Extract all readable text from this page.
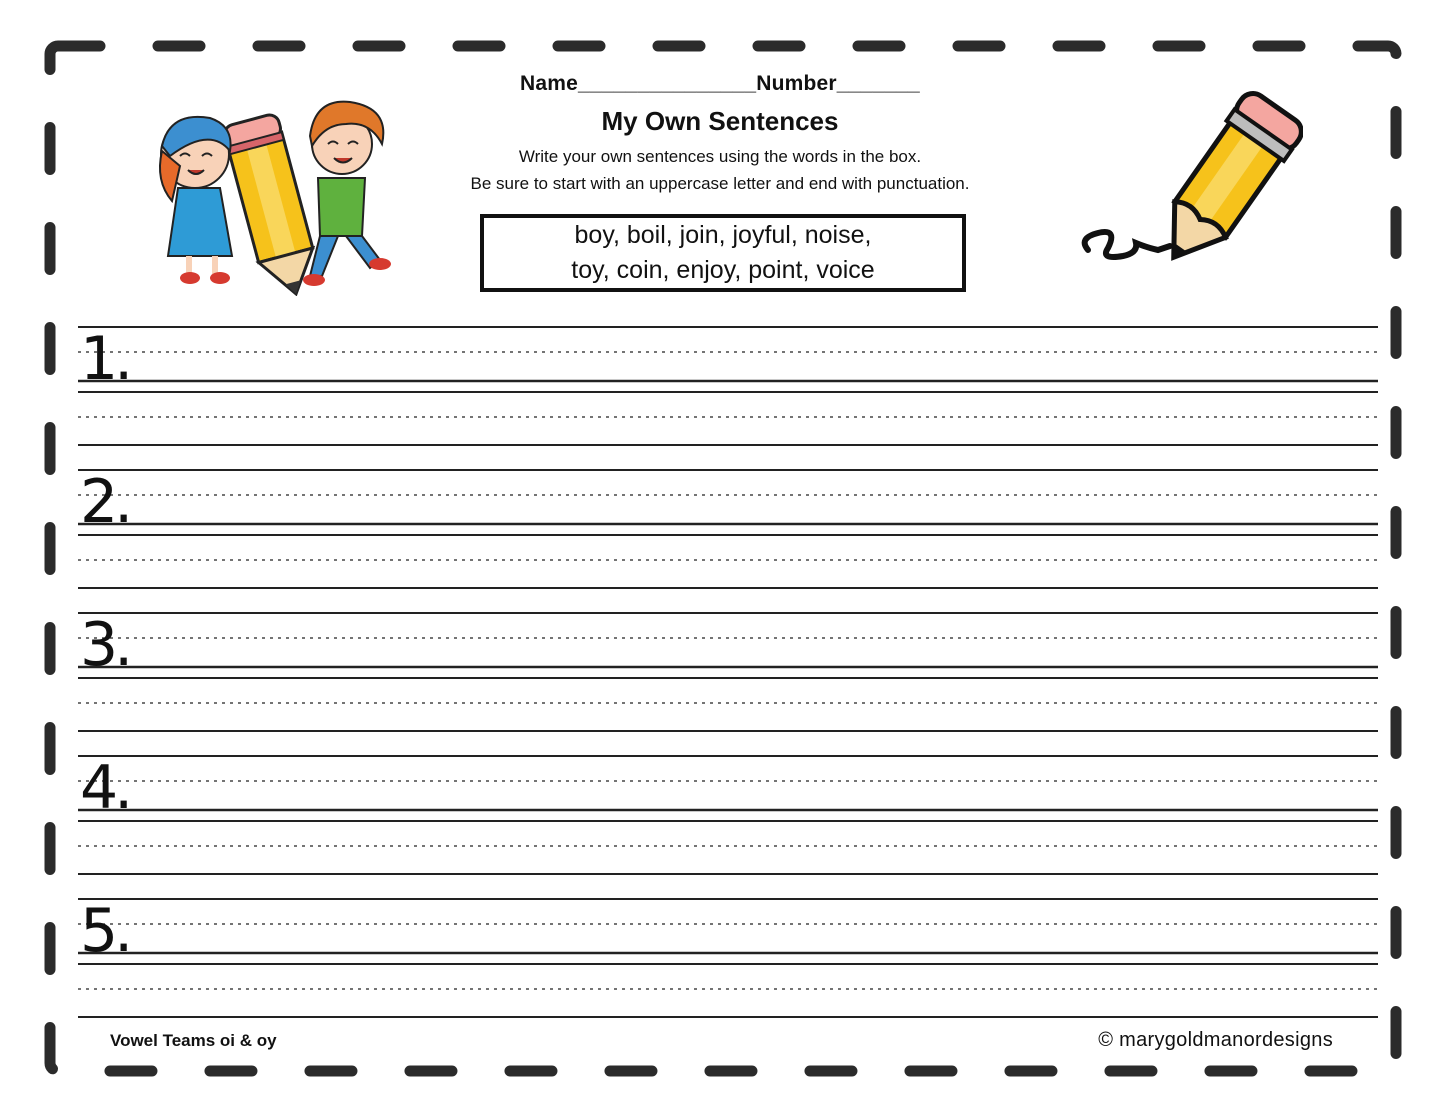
Name_______________Number_______
My Own Sentences
Write your own sentences using the words in the box.
Be sure to start with an uppercase letter and end with punctuation.
boy, boil, join, joyful, noise,
toy, coin, enjoy, point, voice
1.
2.
3.
4.
5.
Vowel Teams oi & oy	© marygoldmanordesigns
